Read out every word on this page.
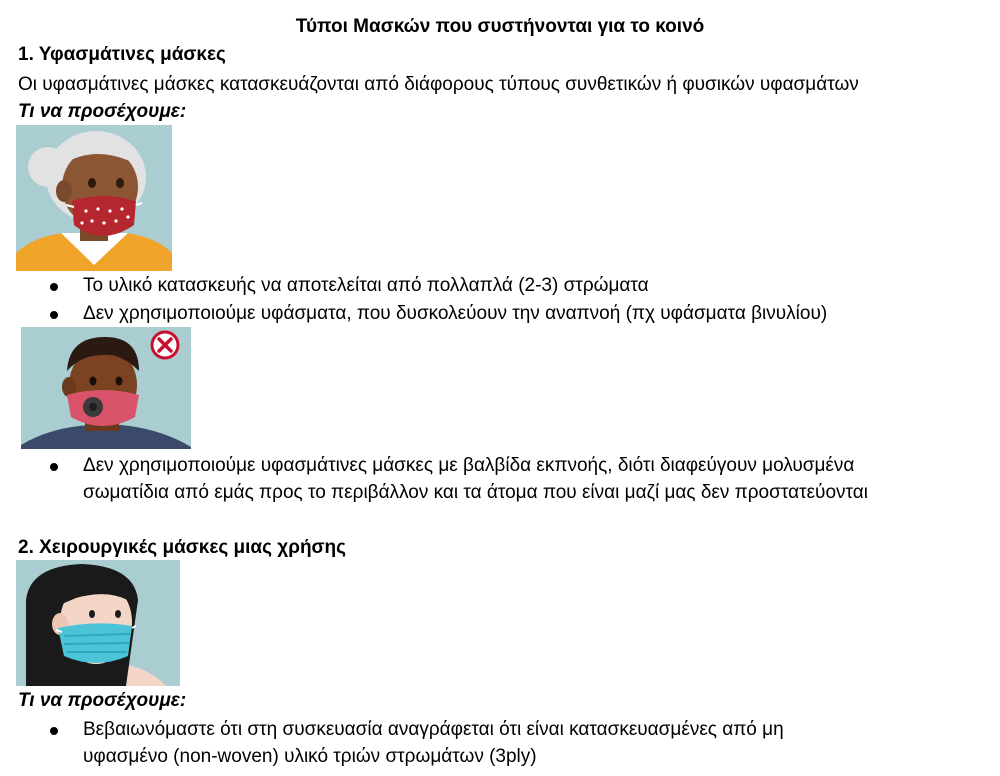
Τύποι Μασκών που συστήνονται για το κοινό
1. Υφασμάτινες μάσκες
Οι υφασμάτινες μάσκες κατασκευάζονται από διάφορους τύπους συνθετικών ή φυσικών υφασμάτων
Τι να προσέχουμε:
Το υλικό κατασκευής να αποτελείται από πολλαπλά (2-3) στρώματα
Δεν χρησιμοποιούμε υφάσματα, που δυσκολεύουν την αναπνοή (πχ υφάσματα βινυλίου)
Δεν χρησιμοποιούμε υφασμάτινες μάσκες με βαλβίδα εκπνοής, διότι διαφεύγουν μολυσμένα
σωματίδια από εμάς προς το περιβάλλον και τα άτομα που είναι μαζί μας δεν προστατεύονται
2. Χειρουργικές μάσκες μιας χρήσης
Τι να προσέχουμε:
Βεβαιωνόμαστε ότι στη συσκευασία αναγράφεται ότι είναι κατασκευασμένες από μη
υφασμένο (non-woven) υλικό τριών στρωμάτων (3ply)
